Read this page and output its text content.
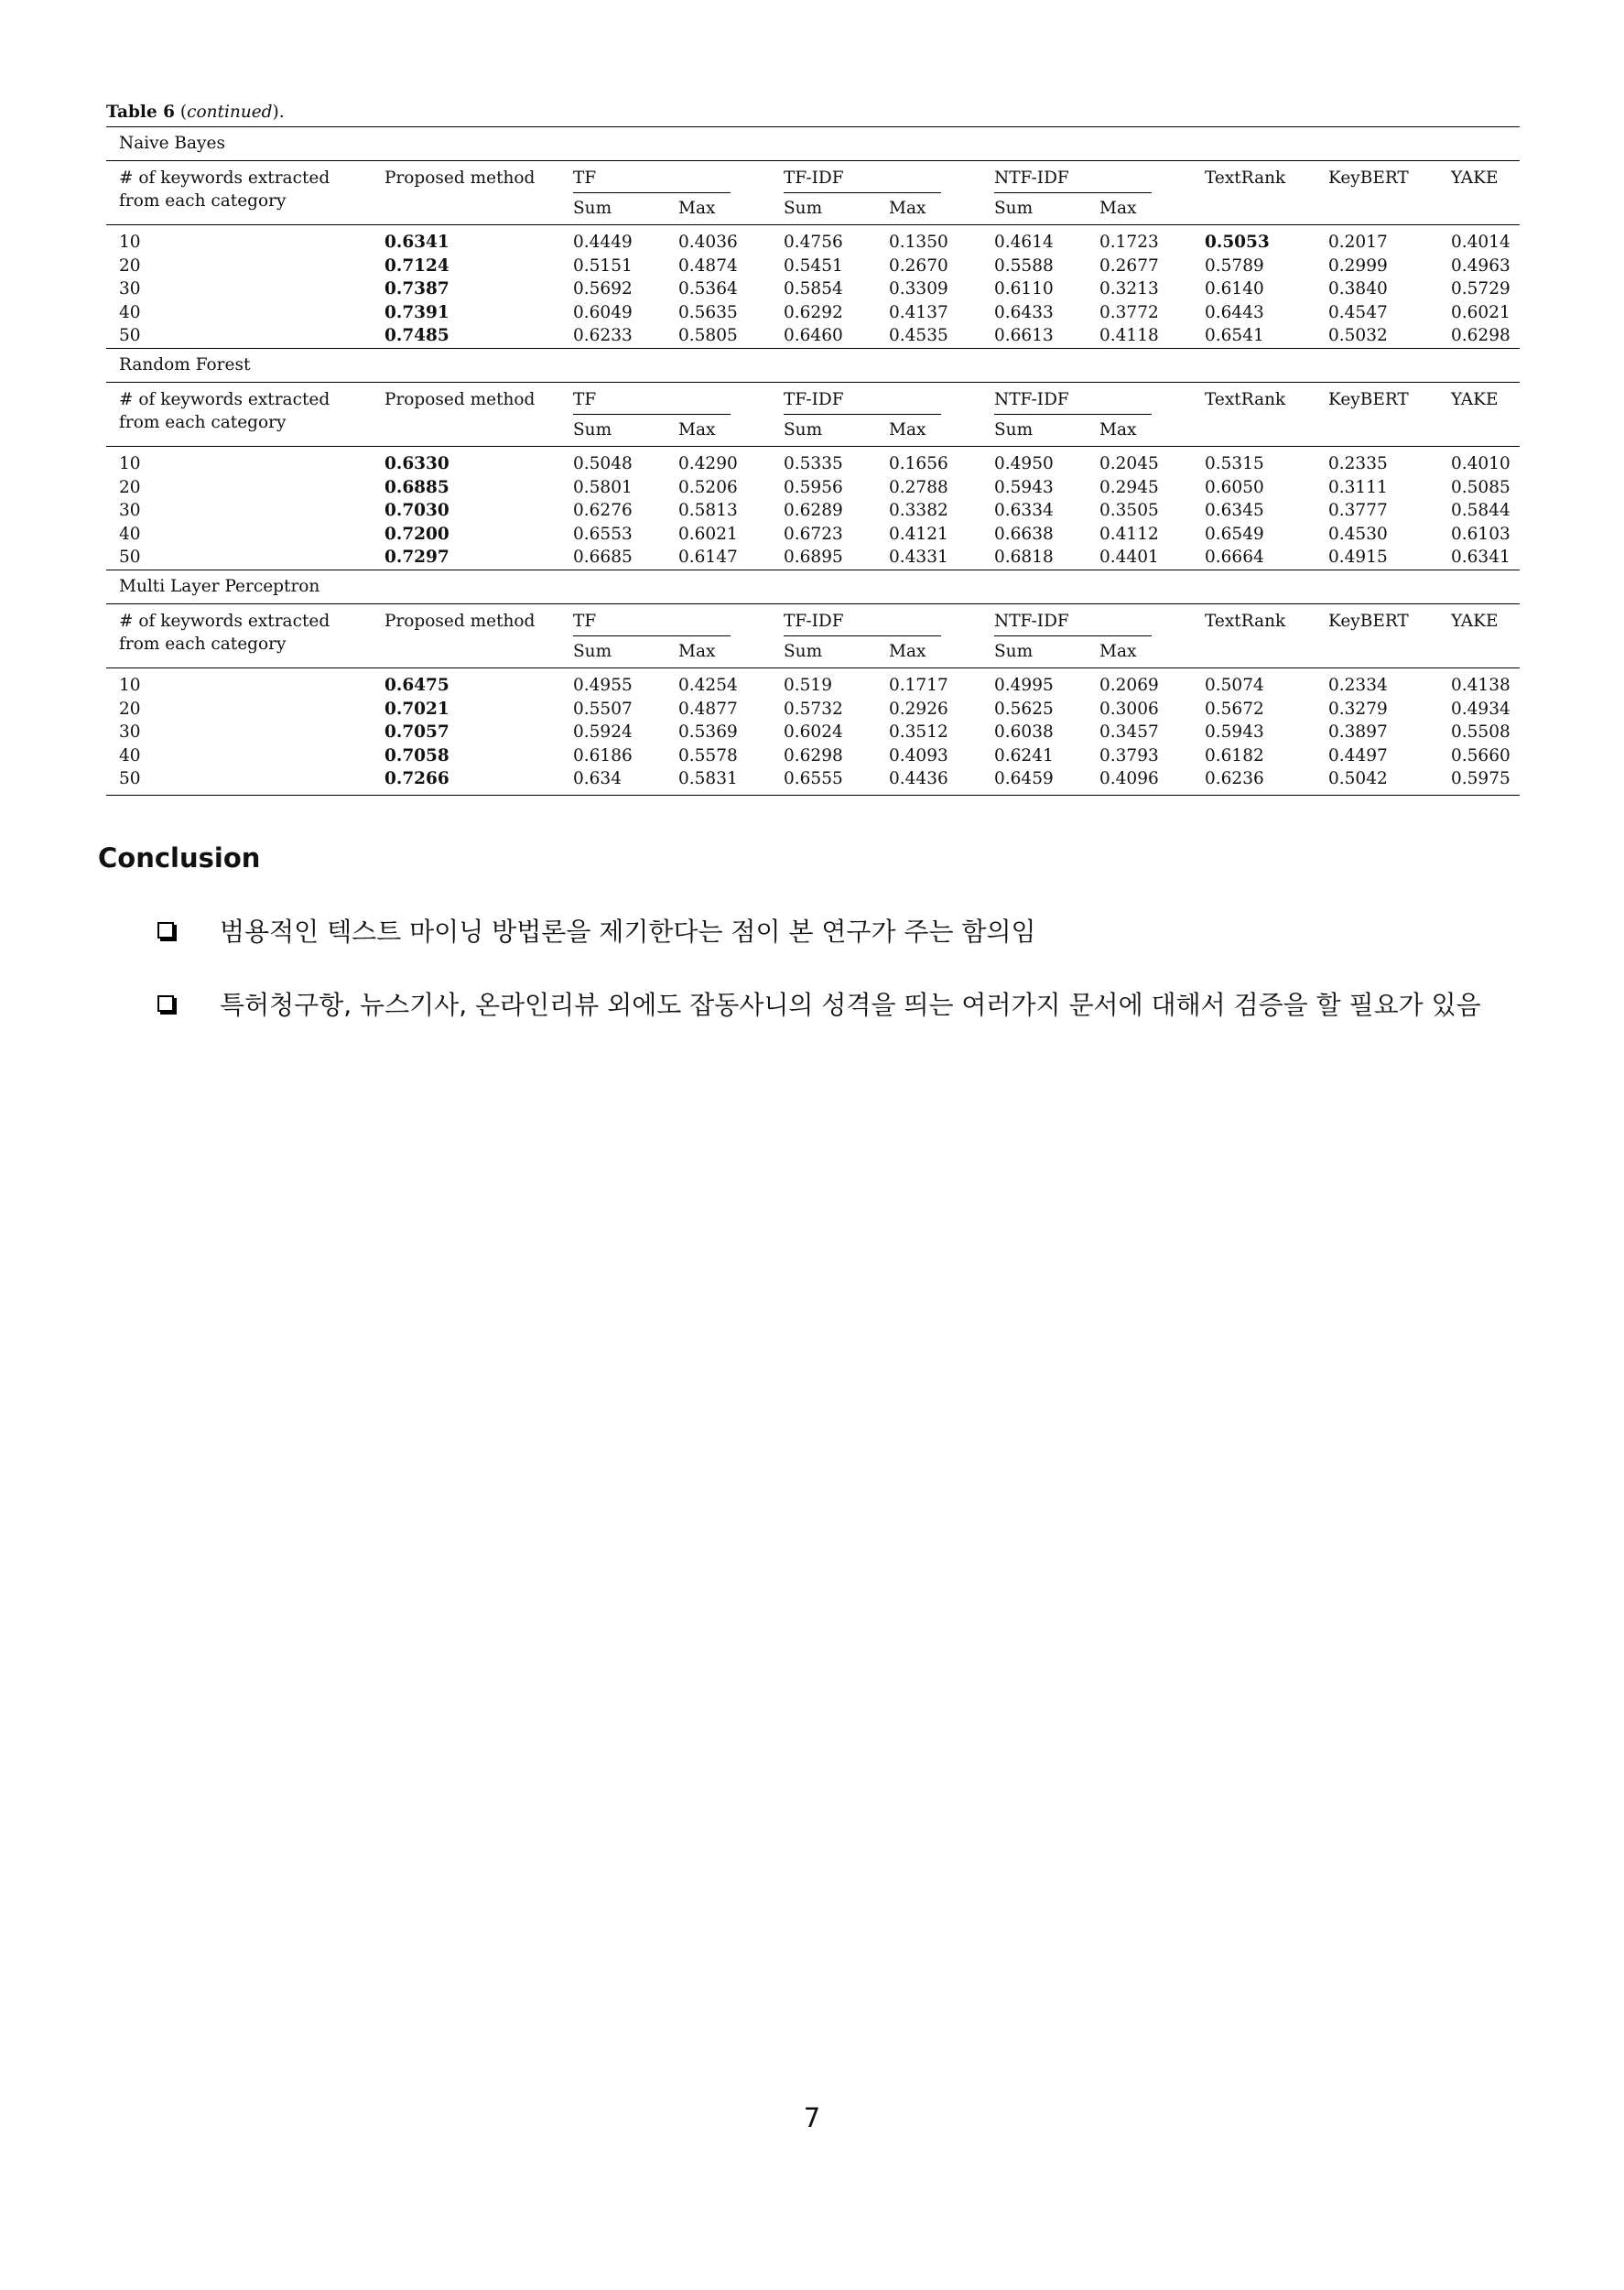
Table 6 (continued).
Naive Bayes										
# of keywords extracted
from each category	Proposed method	TF		TF-IDF		NTF-IDF		TextRank	KeyBERT	YAKE
		Sum	Max	Sum	Max	Sum	Max			
10	0.6341	0.4449	0.4036	0.4756	0.1350	0.4614	0.1723	0.5053	0.2017	0.4014
20	0.7124	0.5151	0.4874	0.5451	0.2670	0.5588	0.2677	0.5789	0.2999	0.4963
30	0.7387	0.5692	0.5364	0.5854	0.3309	0.6110	0.3213	0.6140	0.3840	0.5729
40	0.7391	0.6049	0.5635	0.6292	0.4137	0.6433	0.3772	0.6443	0.4547	0.6021
50	0.7485	0.6233	0.5805	0.6460	0.4535	0.6613	0.4118	0.6541	0.5032	0.6298
Random Forest										
# of keywords extracted
from each category	Proposed method	TF		TF-IDF		NTF-IDF		TextRank	KeyBERT	YAKE
		Sum	Max	Sum	Max	Sum	Max			
10	0.6330	0.5048	0.4290	0.5335	0.1656	0.4950	0.2045	0.5315	0.2335	0.4010
20	0.6885	0.5801	0.5206	0.5956	0.2788	0.5943	0.2945	0.6050	0.3111	0.5085
30	0.7030	0.6276	0.5813	0.6289	0.3382	0.6334	0.3505	0.6345	0.3777	0.5844
40	0.7200	0.6553	0.6021	0.6723	0.4121	0.6638	0.4112	0.6549	0.4530	0.6103
50	0.7297	0.6685	0.6147	0.6895	0.4331	0.6818	0.4401	0.6664	0.4915	0.6341
Multi Layer Perceptron										
# of keywords extracted
from each category	Proposed method	TF		TF-IDF		NTF-IDF		TextRank	KeyBERT	YAKE
		Sum	Max	Sum	Max	Sum	Max			
10	0.6475	0.4955	0.4254	0.519	0.1717	0.4995	0.2069	0.5074	0.2334	0.4138
20	0.7021	0.5507	0.4877	0.5732	0.2926	0.5625	0.3006	0.5672	0.3279	0.4934
30	0.7057	0.5924	0.5369	0.6024	0.3512	0.6038	0.3457	0.5943	0.3897	0.5508
40	0.7058	0.6186	0.5578	0.6298	0.4093	0.6241	0.3793	0.6182	0.4497	0.5660
50	0.7266	0.634	0.5831	0.6555	0.4436	0.6459	0.4096	0.6236	0.5042	0.5975
Conclusion
범용적인 텍스트 마이닝 방법론을 제기한다는 점이 본 연구가 주는 함의임
특허청구항, 뉴스기사, 온라인리뷰 외에도 잡동사니의 성격을 띄는 여러가지 문서에 대해서 검증을 할 필요가 있음
7
